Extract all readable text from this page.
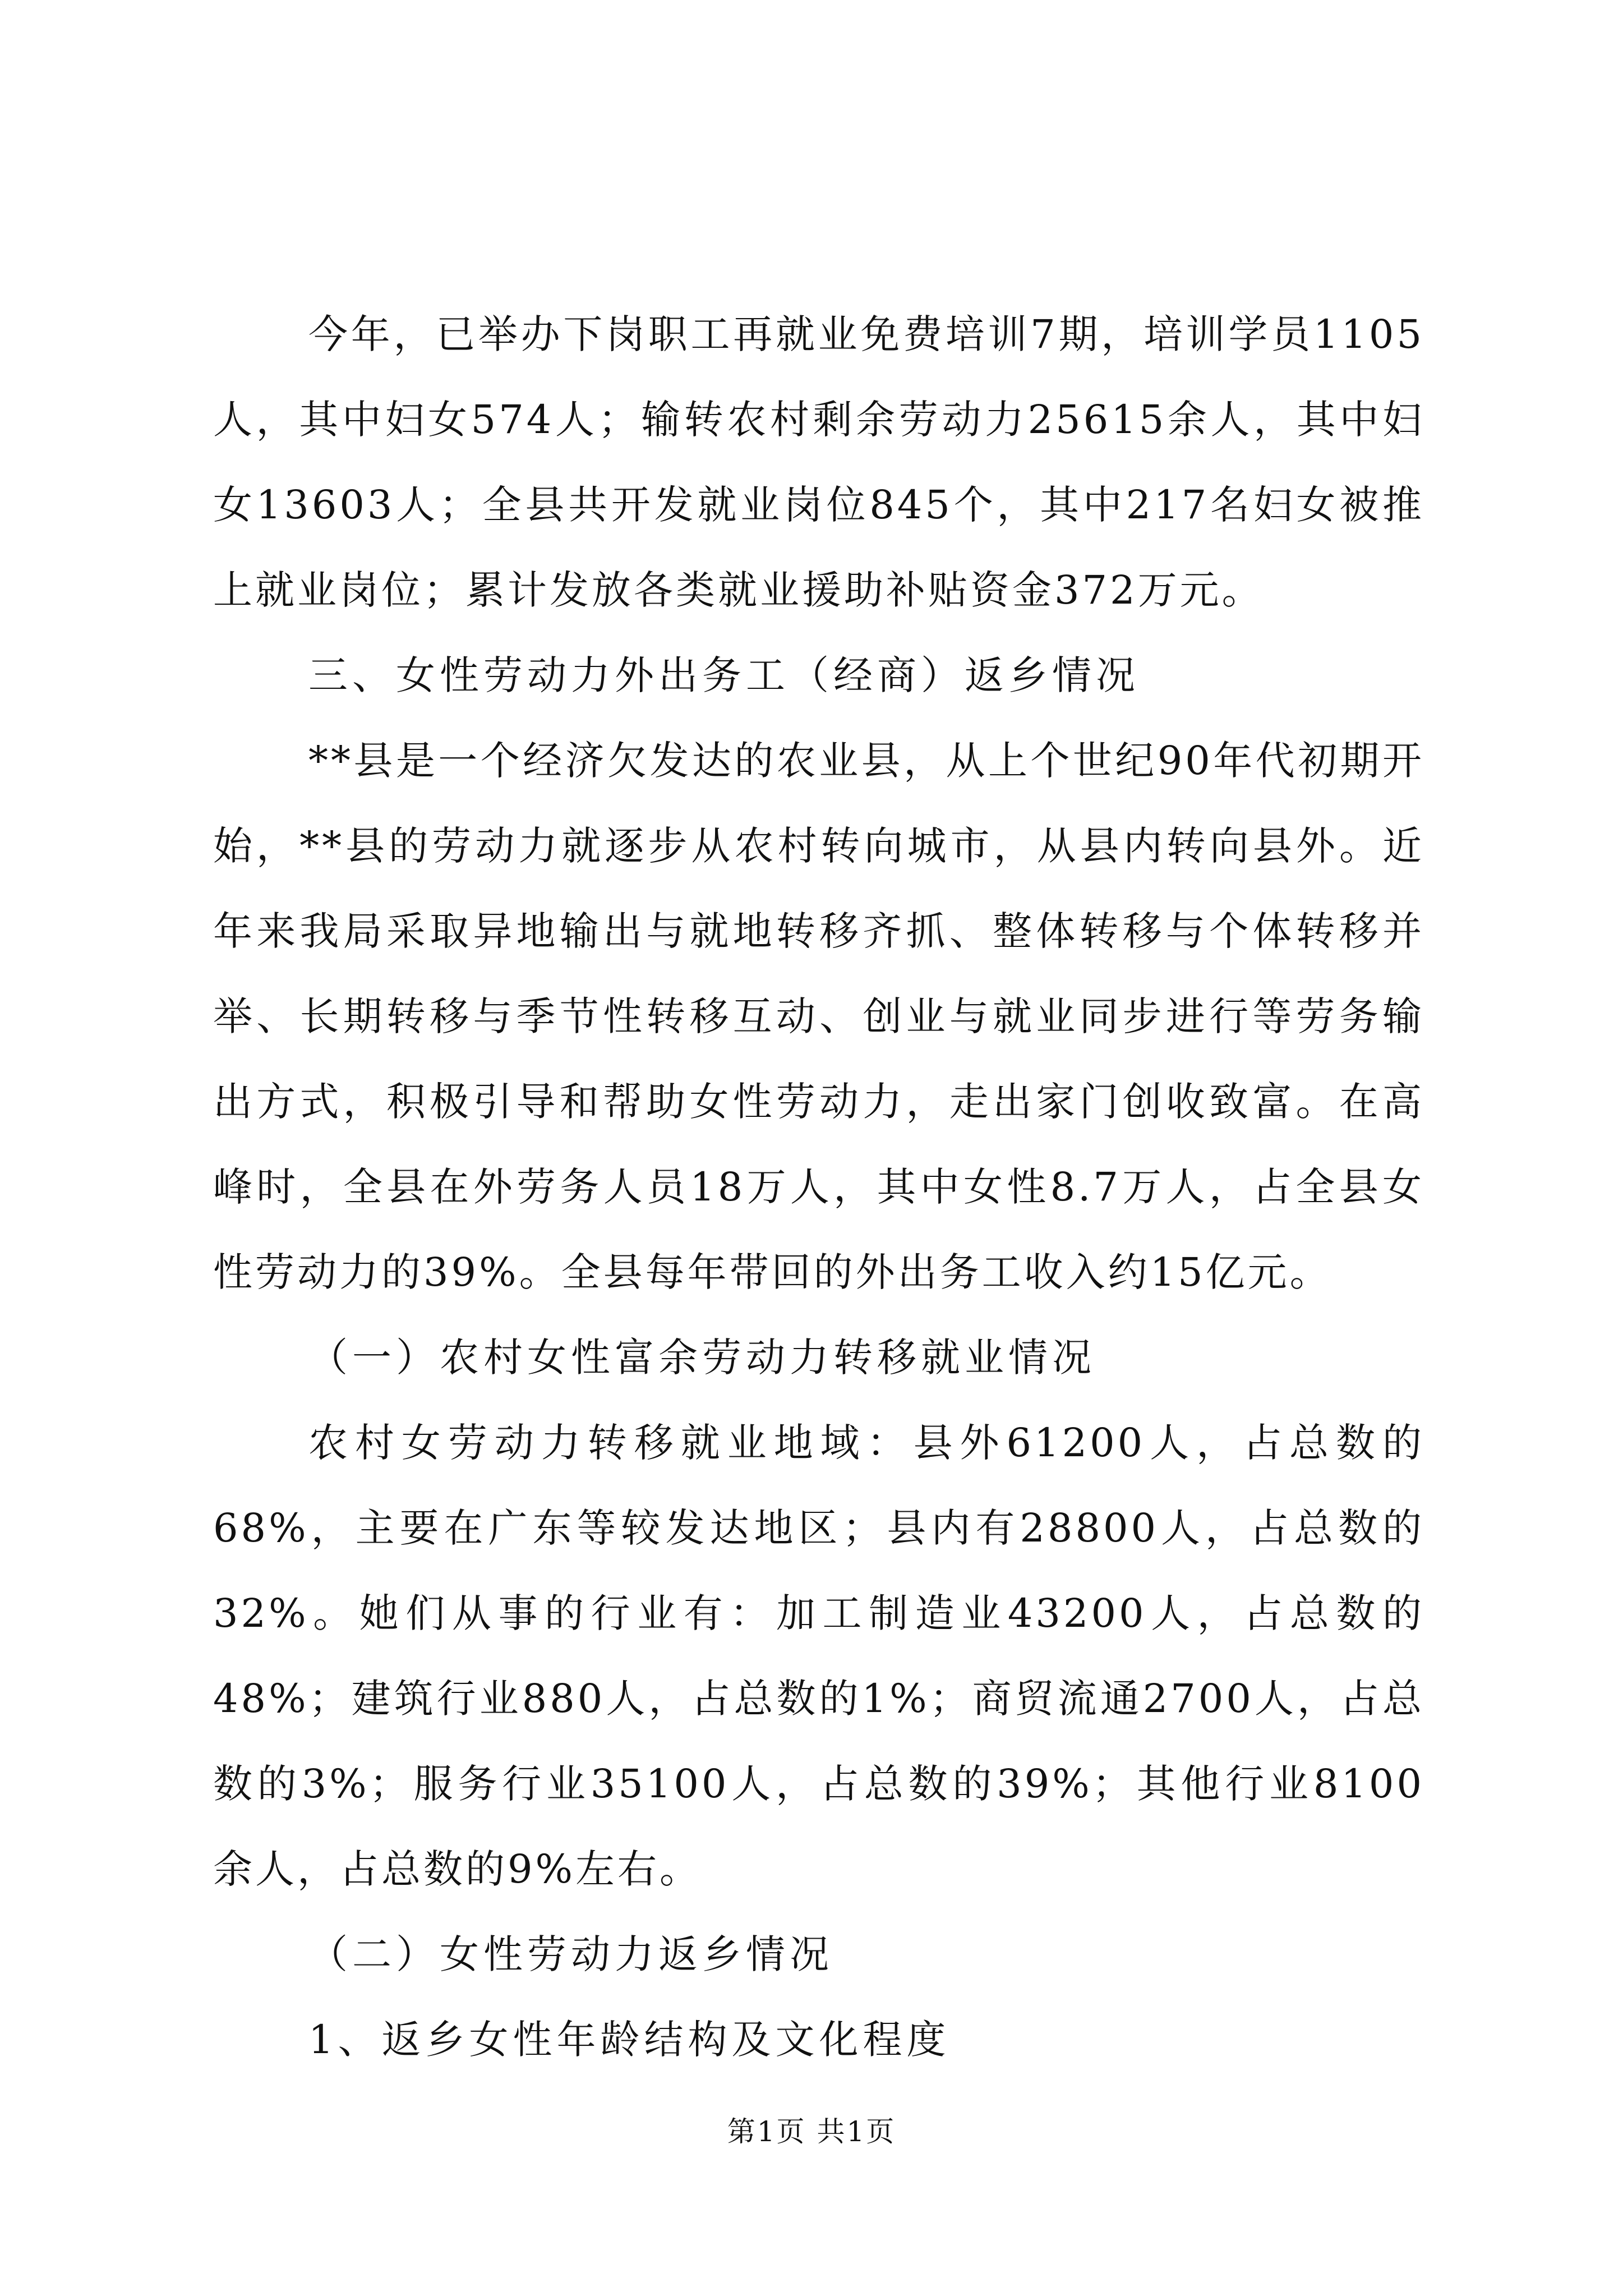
今年，已举办下岗职工再就业免费培训7期，培训学员1105人，其中妇女574人；输转农村剩余劳动力25615余人，其中妇女13603人；全县共开发就业岗位845个，其中217名妇女被推上就业岗位；累计发放各类就业援助补贴资金372万元。

三、女性劳动力外出务工（经商）返乡情况

**县是一个经济欠发达的农业县，从上个世纪90年代初期开始，**县的劳动力就逐步从农村转向城市，从县内转向县外。近年来我局采取异地输出与就地转移齐抓、整体转移与个体转移并举、长期转移与季节性转移互动、创业与就业同步进行等劳务输出方式，积极引导和帮助女性劳动力，走出家门创收致富。在高峰时，全县在外劳务人员18万人，其中女性8.7万人，占全县女性劳动力的39%。全县每年带回的外出务工收入约15亿元。

（一）农村女性富余劳动力转移就业情况

农村女劳动力转移就业地域：县外61200人，占总数的68%，主要在广东等较发达地区；县内有28800人，占总数的32%。她们从事的行业有：加工制造业43200人，占总数的48%；建筑行业880人，占总数的1%；商贸流通2700人，占总数的3%；服务行业35100人，占总数的39%；其他行业8100余人，占总数的9%左右。

（二）女性劳动力返乡情况

1、返乡女性年龄结构及文化程度

第1页 共1页
